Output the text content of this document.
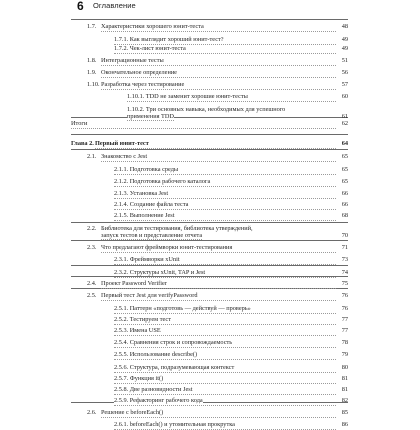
6 Оглавление
1.7. Характеристики хорошего юнит-теста	48
1.7.1. Как выглядит хороший юнит-тест?	49
1.7.2. Чек-лист юнит-теста	49
1.8. Интеграционные тесты	51
1.9. Окончательное определение	56
1.10. Разработка через тестирование	57
1.10.1. TDD не заменит хорошие юнит-тесты	60
1.10.2. Три основных навыка, необходимых для успешного
применения TDD	61
Итоги	62
Глава 2. Первый юнит-тест	64
2.1. Знакомство с Jest	65
2.1.1. Подготовка среды	65
2.1.2. Подготовка рабочего каталога	65
2.1.3. Установка Jest	66
2.1.4. Создание файла теста	66
2.1.5. Выполнение Jest	68
2.2. Библиотека для тестирования, библиотека утверждений,
запуск тестов и представление отчета	70
2.3. Что предлагают фреймворки юнит-тестирования	71
2.3.1. Фреймворки xUnit	73
2.3.2. Структуры xUnit, TAP и Jest	74
2.4. Проект Password Verifier	75
2.5. Первый тест Jest для verifyPassword	76
2.5.1. Паттерн «подготовь — действуй — проверь»	76
2.5.2. Тестируем тест	77
2.5.3. Имена USE	77
2.5.4. Сравнения строк и сопровождаемость	78
2.5.5. Использование describe()	79
2.5.6. Структура, подразумевающая контекст	80
2.5.7. Функция it()	81
2.5.8. Две разновидности Jest	81
2.5.9. Рефакторинг рабочего кода	82
2.6. Решение с beforeEach()	85
2.6.1. beforeEach() и утомительная прокрутка	86
